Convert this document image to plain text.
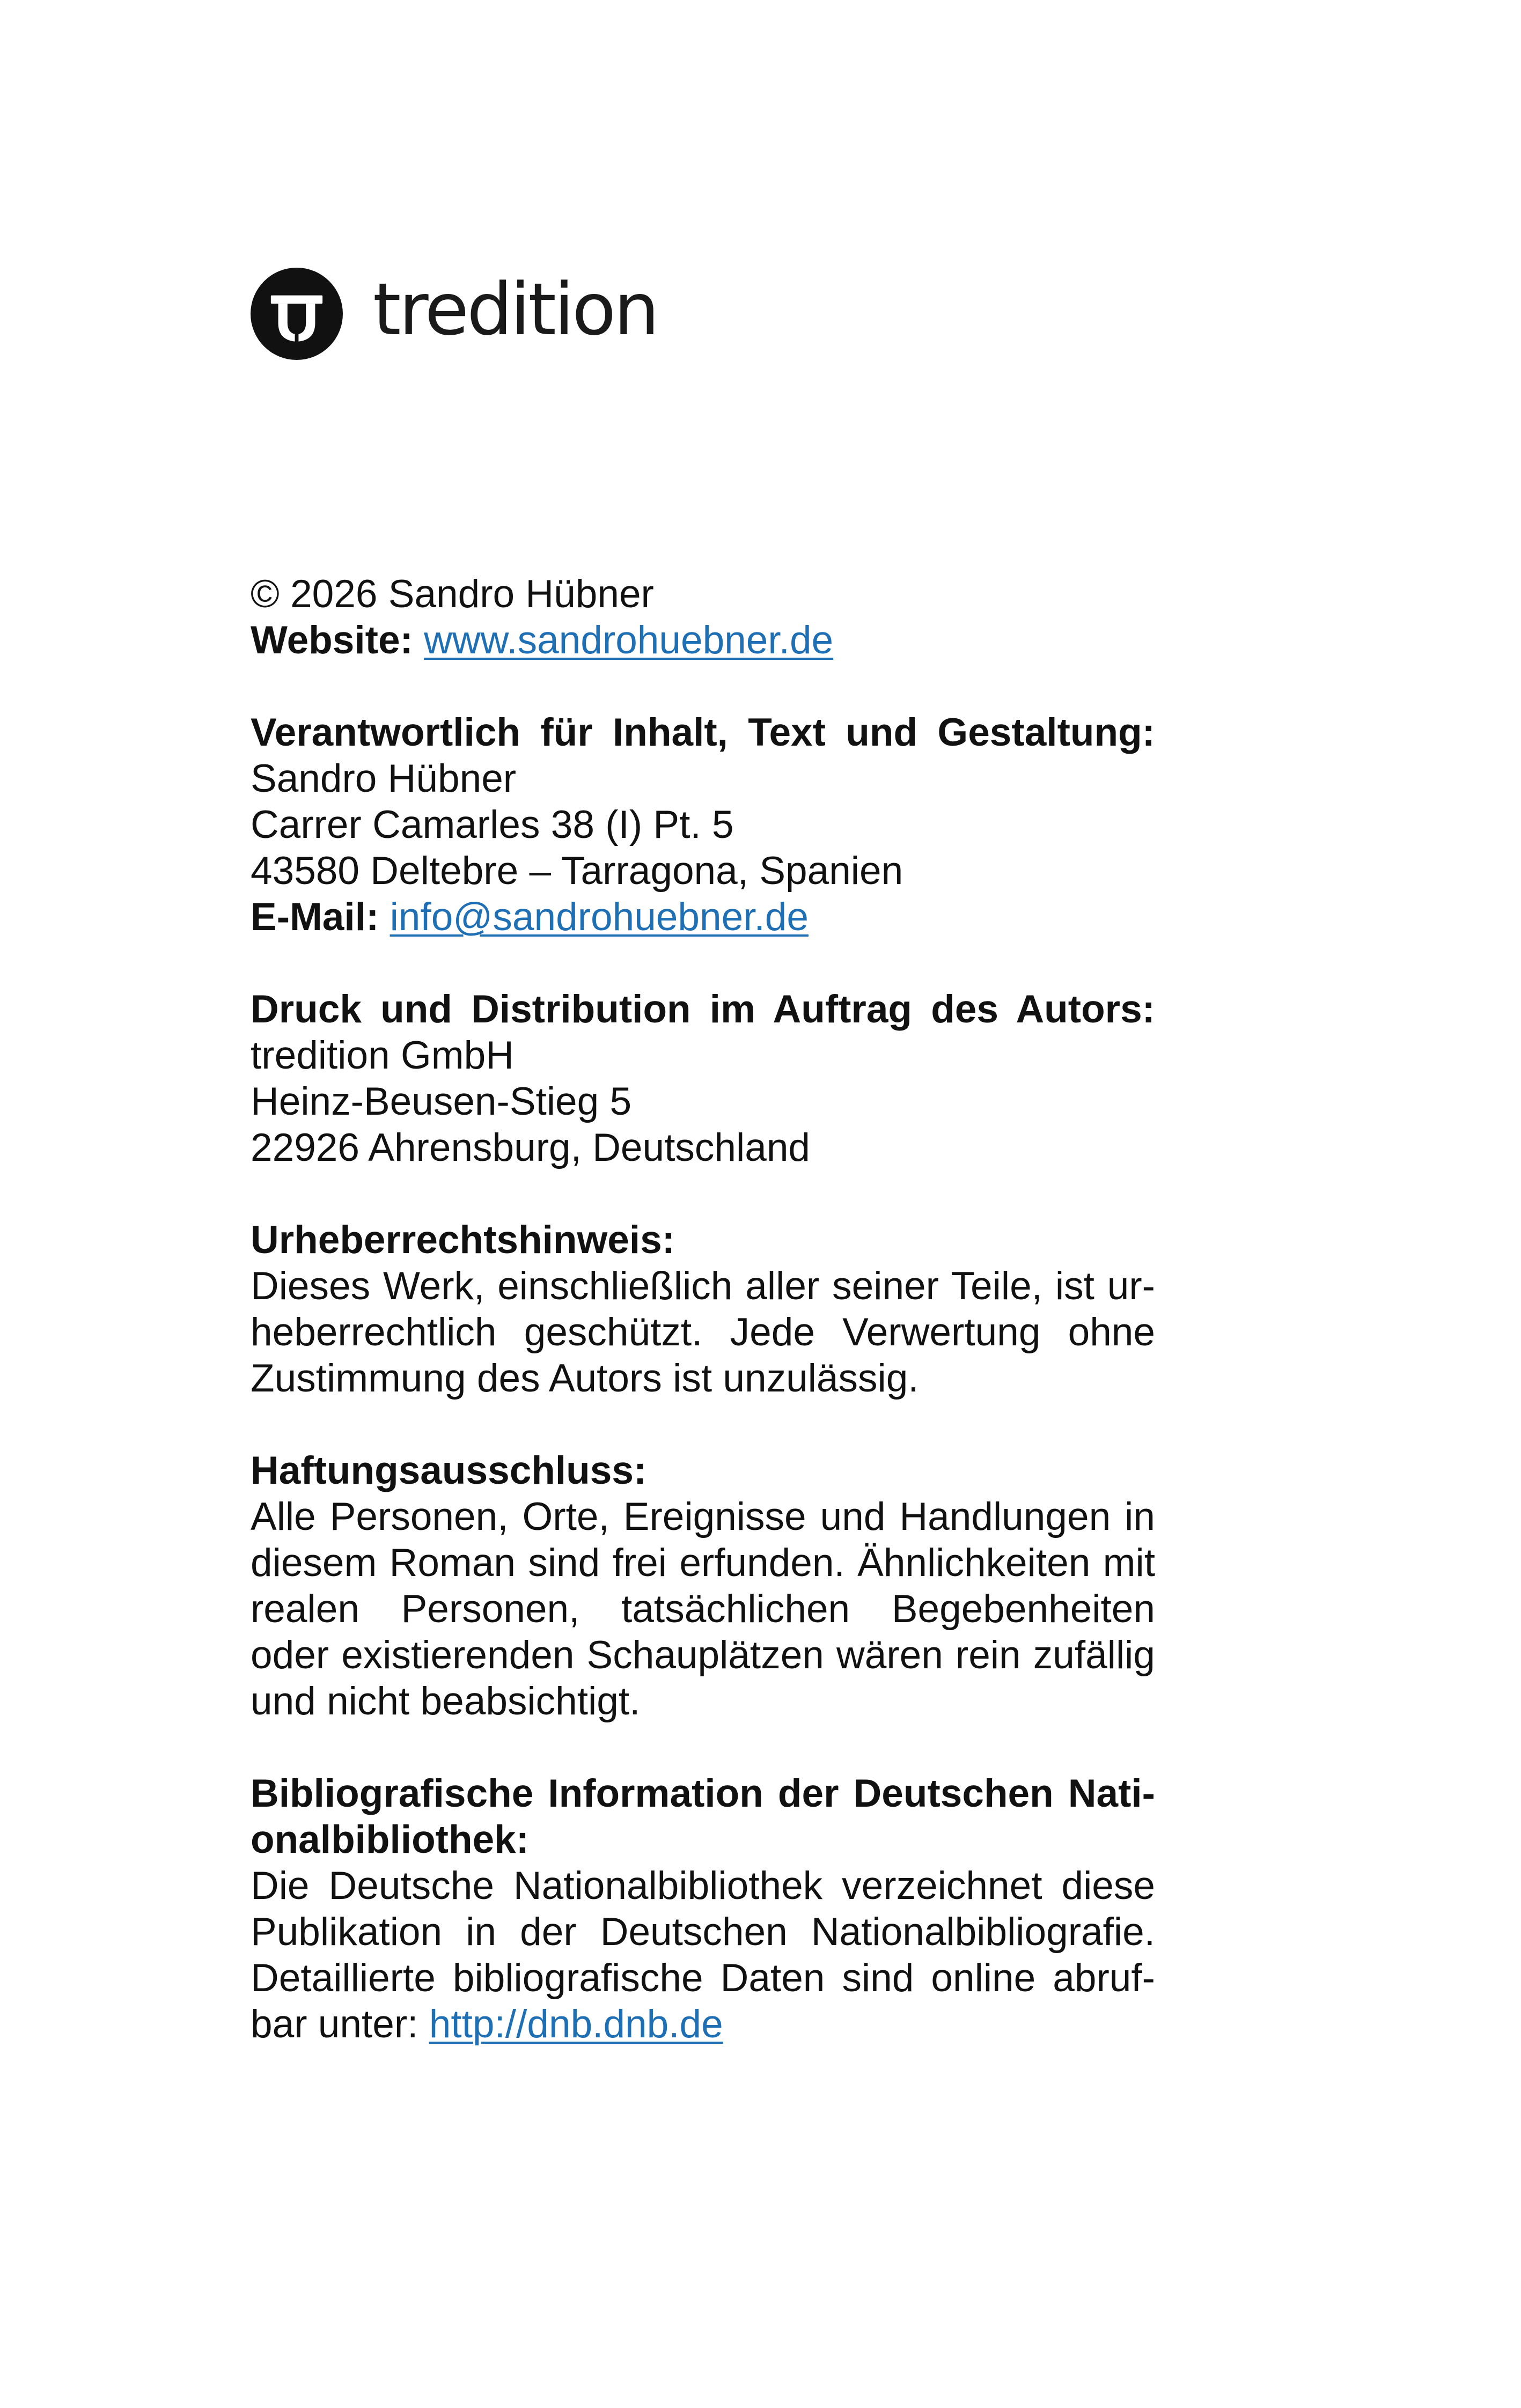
tredition
© 2026 Sandro Hübner
Website: www.sandrohuebner.de
Verantwortlich für Inhalt, Text und Gestaltung:
Sandro Hübner
Carrer Camarles 38 (I) Pt. 5
43580 Deltebre – Tarragona, Spanien
E-Mail: info@sandrohuebner.de
Druck und Distribution im Auftrag des Autors:
tredition GmbH
Heinz-Beusen-Stieg 5
22926 Ahrensburg, Deutschland
Urheberrechtshinweis:
Dieses Werk, einschließlich aller seiner Teile, ist ur-
heberrechtlich geschützt. Jede Verwertung ohne
Zustimmung des Autors ist unzulässig.
Haftungsausschluss:
Alle Personen, Orte, Ereignisse und Handlungen in
diesem Roman sind frei erfunden. Ähnlichkeiten mit
realen Personen, tatsächlichen Begebenheiten
oder existierenden Schauplätzen wären rein zufällig
und nicht beabsichtigt.
Bibliografische Information der Deutschen Nati-
onalbibliothek:
Die Deutsche Nationalbibliothek verzeichnet diese
Publikation in der Deutschen Nationalbibliografie.
Detaillierte bibliografische Daten sind online abruf-
bar unter: http://dnb.dnb.de
